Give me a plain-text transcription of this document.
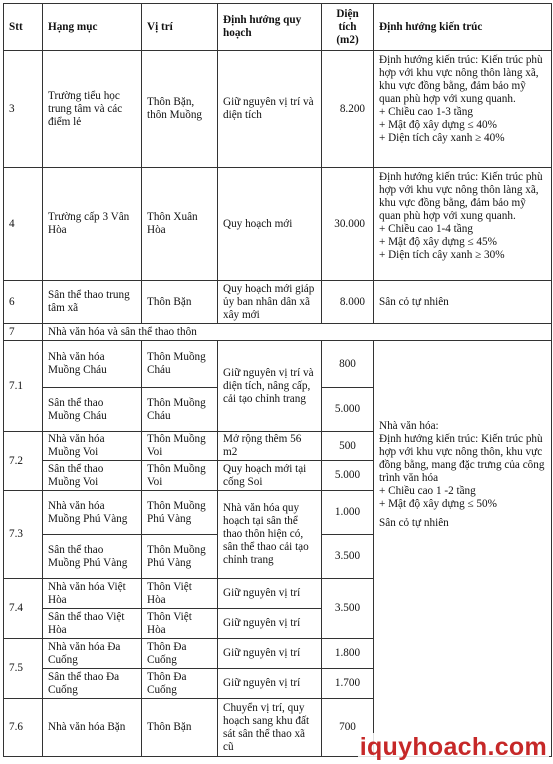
Stt	Hạng mục	Vị trí	Định hướng quy hoạch	Diện tích (m2)	Định hướng kiến trúc
3	Trường tiểu học trung tâm và các điểm lẻ	Thôn Bặn, thôn Muồng	Giữ nguyên vị trí và diện tích	8.200	Định hướng kiến trúc: Kiến trúc phù hợp với khu vực nông thôn làng xã, khu vực đồng bằng, đảm bảo mỹ quan phù hợp với xung quanh.
+ Chiều cao 1-3 tầng
+ Mật độ xây dựng ≤ 40%
+ Diện tích cây xanh ≥ 40%

4	Trường cấp 3 Vân Hòa	Thôn Xuân Hòa	Quy hoạch mới	30.000	Định hướng kiến trúc: Kiến trúc phù hợp với khu vực nông thôn làng xã, khu vực đồng bằng, đảm bảo mỹ quan phù hợp với xung quanh.
+ Chiều cao 1-4 tầng
+ Mật độ xây dựng ≤ 45%
+ Diện tích cây xanh ≥ 30%

6	Sân thể thao trung tâm xã	Thôn Bặn	Quy hoạch mới giáp ủy ban nhân dân xã xây mới	8.000	Sân cỏ tự nhiên
7	Nhà văn hóa và sân thể thao thôn				
7.1	Nhà văn hóa Muồng Cháu	Thôn Muồng Cháu	Giữ nguyên vị trí và diện tích, nâng cấp, cải tạo chỉnh trang	800	Nhà văn hóa:
Định hướng kiến trúc: Kiến trúc phù hợp với khu vực nông thôn, khu vực đồng bằng, mang đặc trưng của công trình văn hóa
+ Chiều cao 1 -2 tầng
+ Mật độ xây dựng ≤ 50%
Sân cỏ tự nhiên

	Sân thể thao Muồng Cháu	Thôn Muồng Cháu		5.000	
7.2	Nhà văn hóa Muồng Voi	Thôn Muồng Voi	Mở rộng thêm 56 m2	500	
	Sân thể thao Muồng Voi	Thôn Muồng Voi	Quy hoạch mới tại cống Soi	5.000	
7.3	Nhà văn hóa Muồng Phú Vàng	Thôn Muồng Phú Vàng	Nhà văn hóa quy hoạch tại sân thể thao thôn hiện có, sân thể thao cải tạo chỉnh trang	1.000	
	Sân thể thao Muồng Phú Vàng	Thôn Muồng Phú Vàng		3.500	
7.4	Nhà văn hóa Việt Hòa	Thôn Việt Hòa	Giữ nguyên vị trí	3.500	
	Sân thể thao Việt Hòa	Thôn Việt Hòa	Giữ nguyên vị trí		
7.5	Nhà văn hóa Đa Cuống	Thôn Đa Cuống	Giữ nguyên vị trí	1.800	
	Sân thể thao Đa Cuống	Thôn Đa Cuống	Giữ nguyên vị trí	1.700	
7.6	Nhà văn hóa Bặn	Thôn Bặn	Chuyển vị trí, quy hoạch sang khu đất sát sân thể thao xã cũ	700	
iquyhoach.com
